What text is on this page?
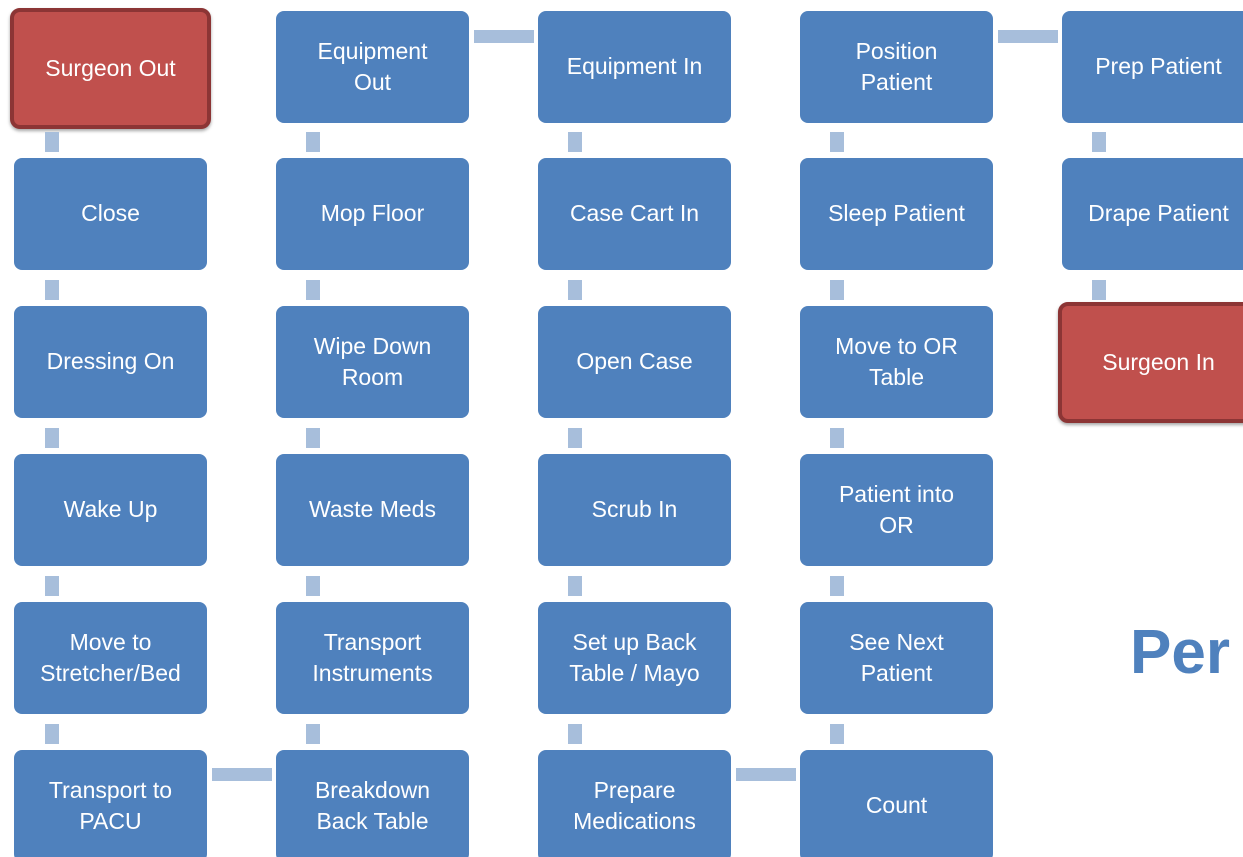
Surgeon Out
Close
Dressing On
Wake Up
Move to
Stretcher/Bed
Transport to
PACU
Equipment
Out
Mop Floor
Wipe Down
Room
Waste Meds
Transport
Instruments
Breakdown
Back Table
Equipment In
Case Cart In
Open Case
Scrub In
Set up Back
Table / Mayo
Prepare
Medications
Position
Patient
Sleep Patient
Move to OR
Table
Patient into
OR
See Next
Patient
Count
Prep Patient
Drape Patient
Surgeon In
Per
